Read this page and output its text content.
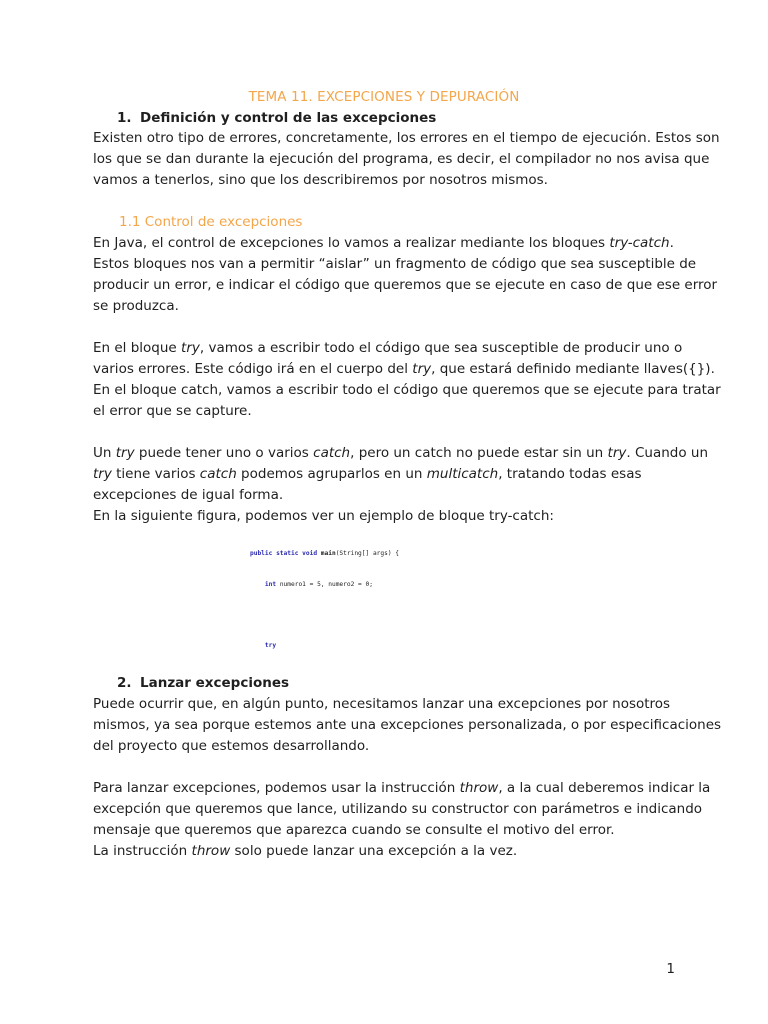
TEMA 11. EXCEPCIONES Y DEPURACIÓN
1. Definición y control de las excepciones

Existen otro tipo de errores, concretamente, los errores en el tiempo de ejecución. Estos son

los que se dan durante la ejecución del programa, es decir, el compilador no nos avisa que

vamos a tenerlos, sino que los describiremos por nosotros mismos.

1.1 Control de excepciones

En Java, el control de excepciones lo vamos a realizar mediante los bloques try-catch.

Estos bloques nos van a permitir “aislar” un fragmento de código que sea susceptible de

producir un error, e indicar el código que queremos que se ejecute en caso de que ese error

se produzca.

En el bloque try, vamos a escribir todo el código que sea susceptible de producir uno o

varios errores. Este código irá en el cuerpo del try, que estará definido mediante llaves({}).

En el bloque catch, vamos a escribir todo el código que queremos que se ejecute para tratar

el error que se capture.

Un try puede tener uno o varios catch, pero un catch no puede estar sin un try. Cuando un

try tiene varios catch podemos agruparlos en un multicatch, tratando todas esas

excepciones de igual forma.

En la siguiente figura, podemos ver un ejemplo de bloque try-catch:

public static void main(String[] args) {

int numero1 = 5, numero2 = 0;

try

2. Lanzar excepciones

Puede ocurrir que, en algún punto, necesitamos lanzar una excepciones por nosotros

mismos, ya sea porque estemos ante una excepciones personalizada, o por especificaciones

del proyecto que estemos desarrollando.

Para lanzar excepciones, podemos usar la instrucción throw, a la cual deberemos indicar la

excepción que queremos que lance, utilizando su constructor con parámetros e indicando

mensaje que queremos que aparezca cuando se consulte el motivo del error.

La instrucción throw solo puede lanzar una excepción a la vez.

1
